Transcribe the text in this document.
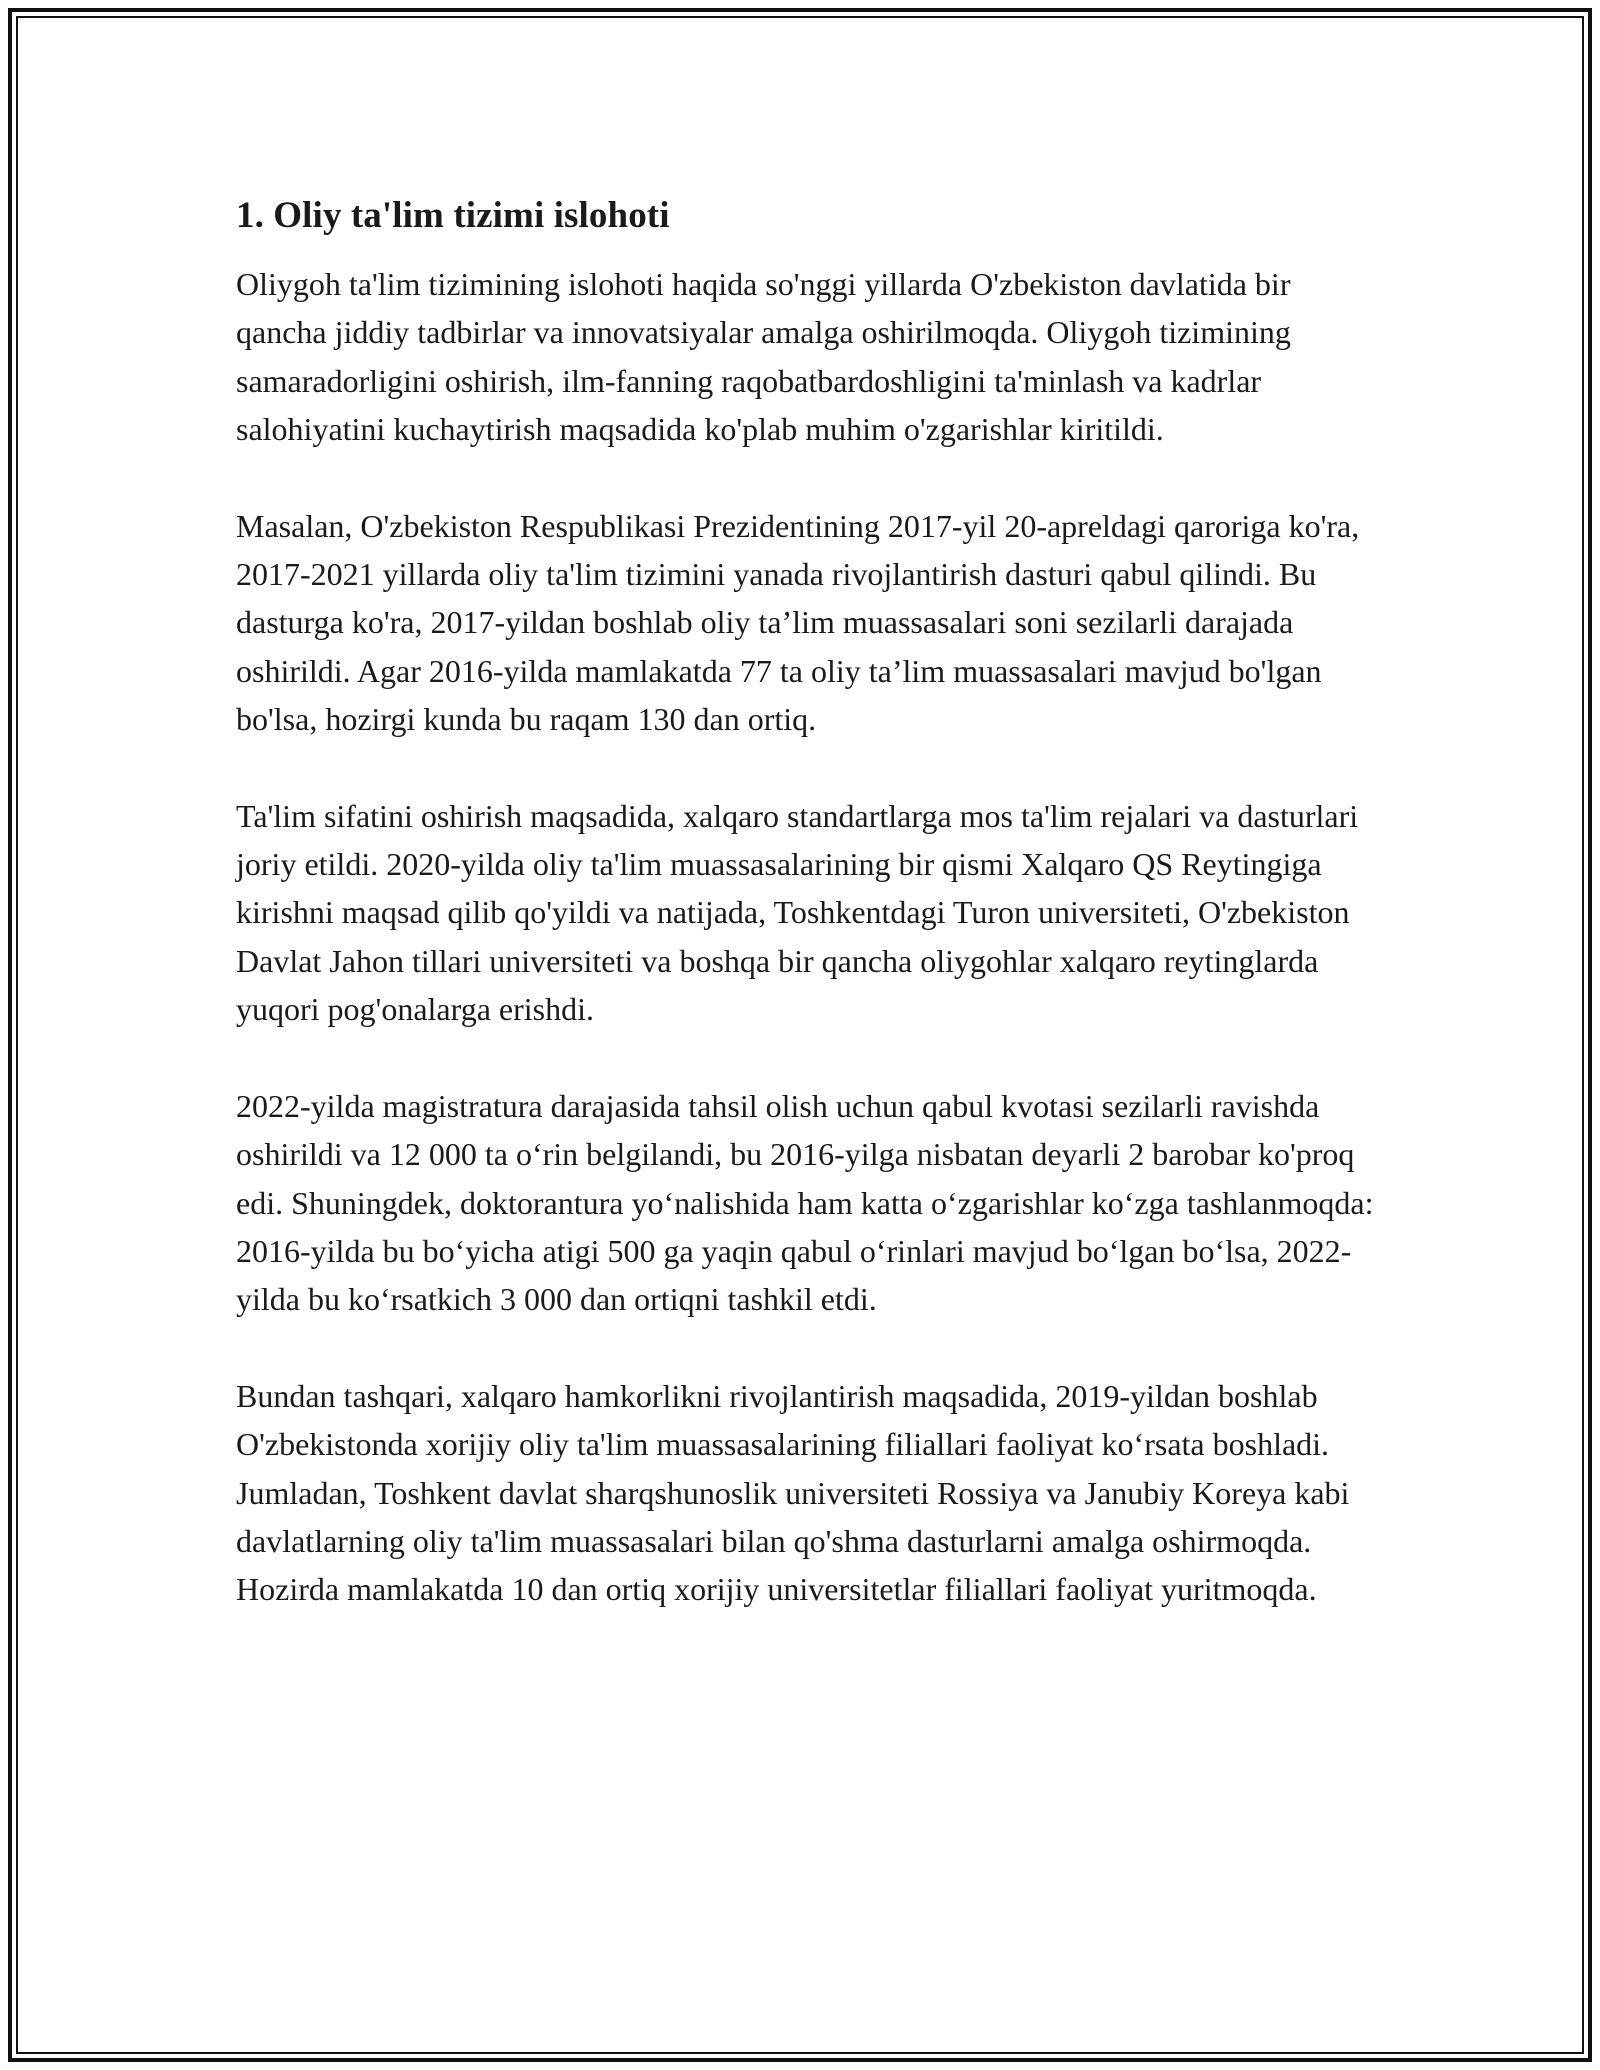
1. Oliy ta'lim tizimi islohoti

Oliygoh ta'lim tizimining islohoti haqida so'nggi yillarda O'zbekiston davlatida bir qancha jiddiy tadbirlar va innovatsiyalar amalga oshirilmoqda. Oliygoh tizimining samaradorligini oshirish, ilm-fanning raqobatbardoshligini ta'minlash va kadrlar salohiyatini kuchaytirish maqsadida ko'plab muhim o'zgarishlar kiritildi.

Masalan, O'zbekiston Respublikasi Prezidentining 2017-yil 20-apreldagi qaroriga ko'ra, 2017-2021 yillarda oliy ta'lim tizimini yanada rivojlantirish dasturi qabul qilindi. Bu dasturga ko'ra, 2017-yildan boshlab oliy ta’lim muassasalari soni sezilarli darajada oshirildi. Agar 2016-yilda mamlakatda 77 ta oliy ta’lim muassasalari mavjud bo'lgan bo'lsa, hozirgi kunda bu raqam 130 dan ortiq.

Ta'lim sifatini oshirish maqsadida, xalqaro standartlarga mos ta'lim rejalari va dasturlari joriy etildi. 2020-yilda oliy ta'lim muassasalarining bir qismi Xalqaro QS Reytingiga kirishni maqsad qilib qo'yildi va natijada, Toshkentdagi Turon universiteti, O'zbekiston Davlat Jahon tillari universiteti va boshqa bir qancha oliygohlar xalqaro reytinglarda yuqori pog'onalarga erishdi.

2022-yilda magistratura darajasida tahsil olish uchun qabul kvotasi sezilarli ravishda oshirildi va 12 000 ta oʻrin belgilandi, bu 2016-yilga nisbatan deyarli 2 barobar ko'proq edi. Shuningdek, doktorantura yoʻnalishida ham katta oʻzgarishlar koʻzga tashlanmoqda: 2016-yilda bu boʻyicha atigi 500 ga yaqin qabul oʻrinlari mavjud boʻlgan boʻlsa, 2022-yilda bu koʻrsatkich 3 000 dan ortiqni tashkil etdi.

Bundan tashqari, xalqaro hamkorlikni rivojlantirish maqsadida, 2019-yildan boshlab O'zbekistonda xorijiy oliy ta'lim muassasalarining filiallari faoliyat koʻrsata boshladi. Jumladan, Toshkent davlat sharqshunoslik universiteti Rossiya va Janubiy Koreya kabi davlatlarning oliy ta'lim muassasalari bilan qo'shma dasturlarni amalga oshirmoqda. Hozirda mamlakatda 10 dan ortiq xorijiy universitetlar filiallari faoliyat yuritmoqda.
